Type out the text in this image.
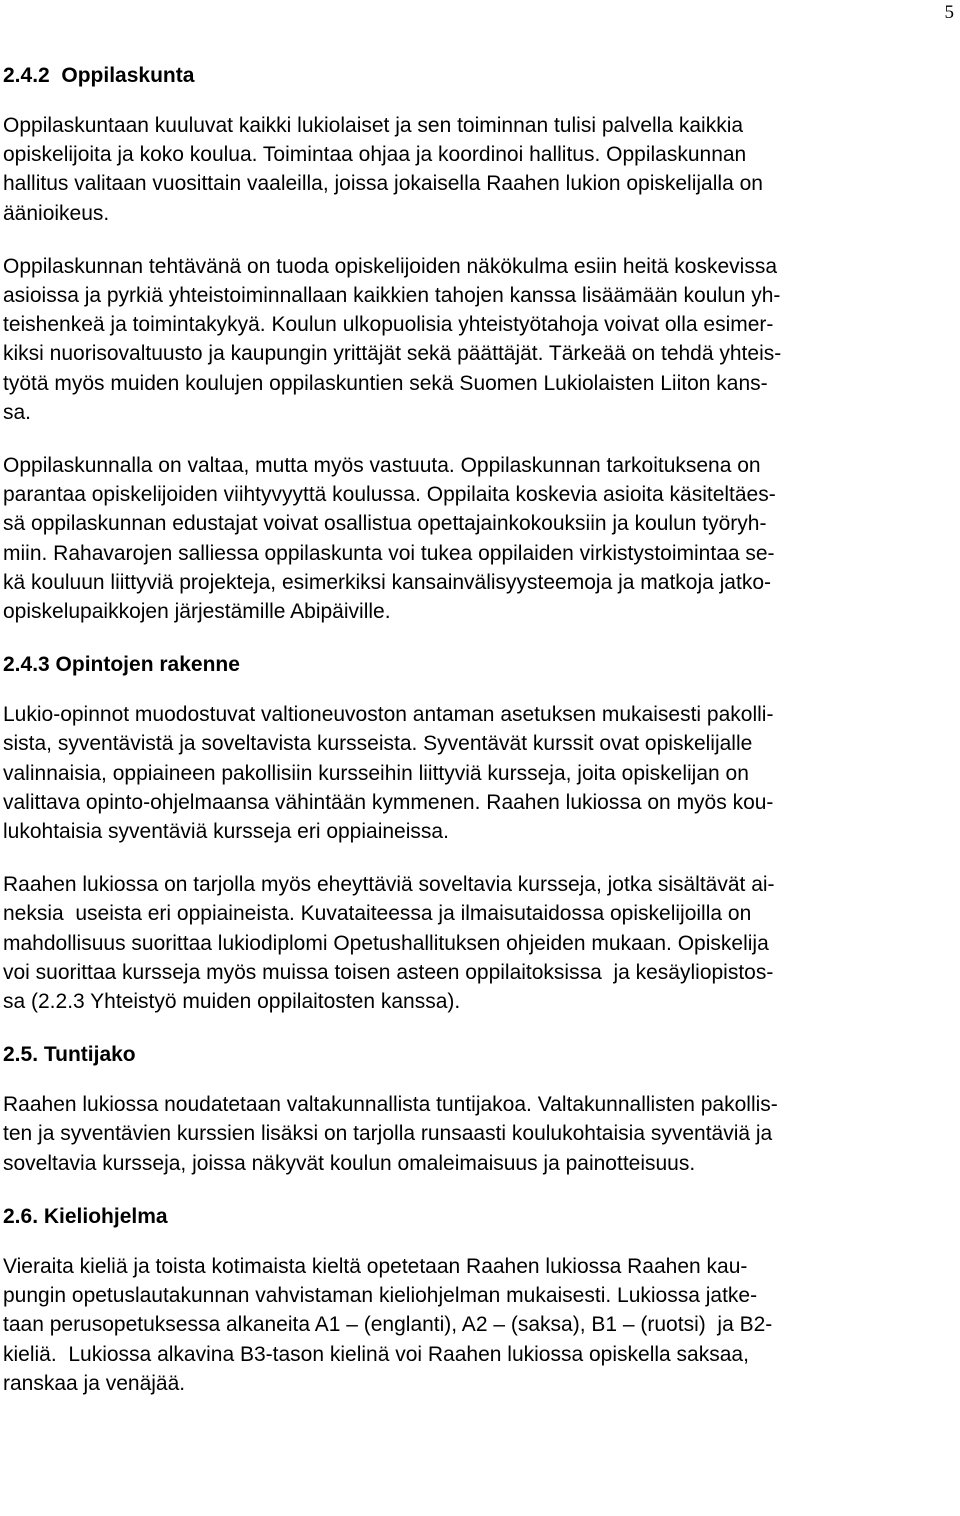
5
2.4.2  Oppilaskunta
Oppilaskuntaan kuuluvat kaikki lukiolaiset ja sen toiminnan tulisi palvella kaikkia
opiskelijoita ja koko koulua. Toimintaa ohjaa ja koordinoi hallitus. Oppilaskunnan
hallitus valitaan vuosittain vaaleilla, joissa jokaisella Raahen lukion opiskelijalla on
äänioikeus.
Oppilaskunnan tehtävänä on tuoda opiskelijoiden näkökulma esiin heitä koskevissa
asioissa ja pyrkiä yhteistoiminnallaan kaikkien tahojen kanssa lisäämään koulun yh-
teishenkeä ja toimintakykyä. Koulun ulkopuolisia yhteistyötahoja voivat olla esimer-
kiksi nuorisovaltuusto ja kaupungin yrittäjät sekä päättäjät. Tärkeää on tehdä yhteis-
työtä myös muiden koulujen oppilaskuntien sekä Suomen Lukiolaisten Liiton kans-
sa.
Oppilaskunnalla on valtaa, mutta myös vastuuta. Oppilaskunnan tarkoituksena on
parantaa opiskelijoiden viihtyvyyttä koulussa. Oppilaita koskevia asioita käsiteltäes-
sä oppilaskunnan edustajat voivat osallistua opettajainkokouksiin ja koulun työryh-
miin. Rahavarojen salliessa oppilaskunta voi tukea oppilaiden virkistystoimintaa se-
kä kouluun liittyviä projekteja, esimerkiksi kansainvälisyysteemoja ja matkoja jatko-
opiskelupaikkojen järjestämille Abipäiville.
2.4.3 Opintojen rakenne
Lukio-opinnot muodostuvat valtioneuvoston antaman asetuksen mukaisesti pakolli-
sista, syventävistä ja soveltavista kursseista. Syventävät kurssit ovat opiskelijalle
valinnaisia, oppiaineen pakollisiin kursseihin liittyviä kursseja, joita opiskelijan on
valittava opinto-ohjelmaansa vähintään kymmenen. Raahen lukiossa on myös kou-
lukohtaisia syventäviä kursseja eri oppiaineissa.
Raahen lukiossa on tarjolla myös eheyttäviä soveltavia kursseja, jotka sisältävät ai-
neksia  useista eri oppiaineista. Kuvataiteessa ja ilmaisutaidossa opiskelijoilla on
mahdollisuus suorittaa lukiodiplomi Opetushallituksen ohjeiden mukaan. Opiskelija
voi suorittaa kursseja myös muissa toisen asteen oppilaitoksissa  ja kesäyliopistos-
sa (2.2.3 Yhteistyö muiden oppilaitosten kanssa).
2.5. Tuntijako
Raahen lukiossa noudatetaan valtakunnallista tuntijakoa. Valtakunnallisten pakollis-
ten ja syventävien kurssien lisäksi on tarjolla runsaasti koulukohtaisia syventäviä ja
soveltavia kursseja, joissa näkyvät koulun omaleimaisuus ja painotteisuus.
2.6. Kieliohjelma
Vieraita kieliä ja toista kotimaista kieltä opetetaan Raahen lukiossa Raahen kau-
pungin opetuslautakunnan vahvistaman kieliohjelman mukaisesti. Lukiossa jatke-
taan perusopetuksessa alkaneita A1 – (englanti), A2 – (saksa), B1 – (ruotsi)  ja B2-
kieliä.  Lukiossa alkavina B3-tason kielinä voi Raahen lukiossa opiskella saksaa,
ranskaa ja venäjää.
